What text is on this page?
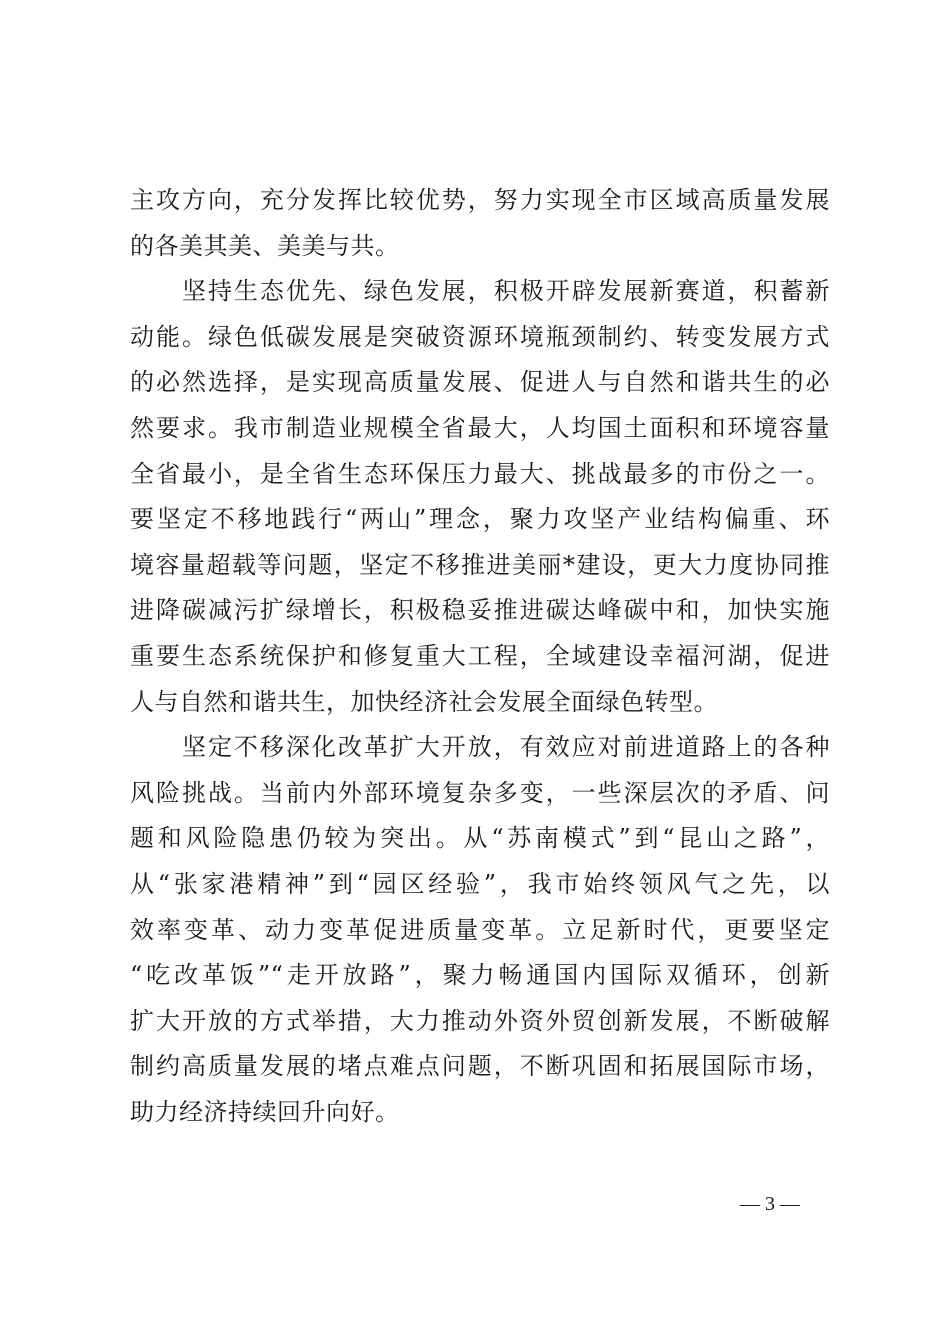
主攻方向，充分发挥比较优势，努力实现全市区域高质量发展
的各美其美、美美与共。
　　坚持生态优先、绿色发展，积极开辟发展新赛道，积蓄新
动能。绿色低碳发展是突破资源环境瓶颈制约、转变发展方式
的必然选择，是实现高质量发展、促进人与自然和谐共生的必
然要求。我市制造业规模全省最大，人均国土面积和环境容量
全省最小，是全省生态环保压力最大、挑战最多的市份之一。
要坚定不移地践行“两山”理念，聚力攻坚产业结构偏重、环
境容量超载等问题，坚定不移推进美丽*建设，更大力度协同推
进降碳减污扩绿增长，积极稳妥推进碳达峰碳中和，加快实施
重要生态系统保护和修复重大工程，全域建设幸福河湖，促进
人与自然和谐共生，加快经济社会发展全面绿色转型。
　　坚定不移深化改革扩大开放，有效应对前进道路上的各种
风险挑战。当前内外部环境复杂多变，一些深层次的矛盾、问
题和风险隐患仍较为突出。从“苏南模式”到“昆山之路”，
从“张家港精神”到“园区经验”，我市始终领风气之先，以
效率变革、动力变革促进质量变革。立足新时代，更要坚定
“吃改革饭”“走开放路”，聚力畅通国内国际双循环，创新
扩大开放的方式举措，大力推动外资外贸创新发展，不断破解
制约高质量发展的堵点难点问题，不断巩固和拓展国际市场，
助力经济持续回升向好。
— 3 —
